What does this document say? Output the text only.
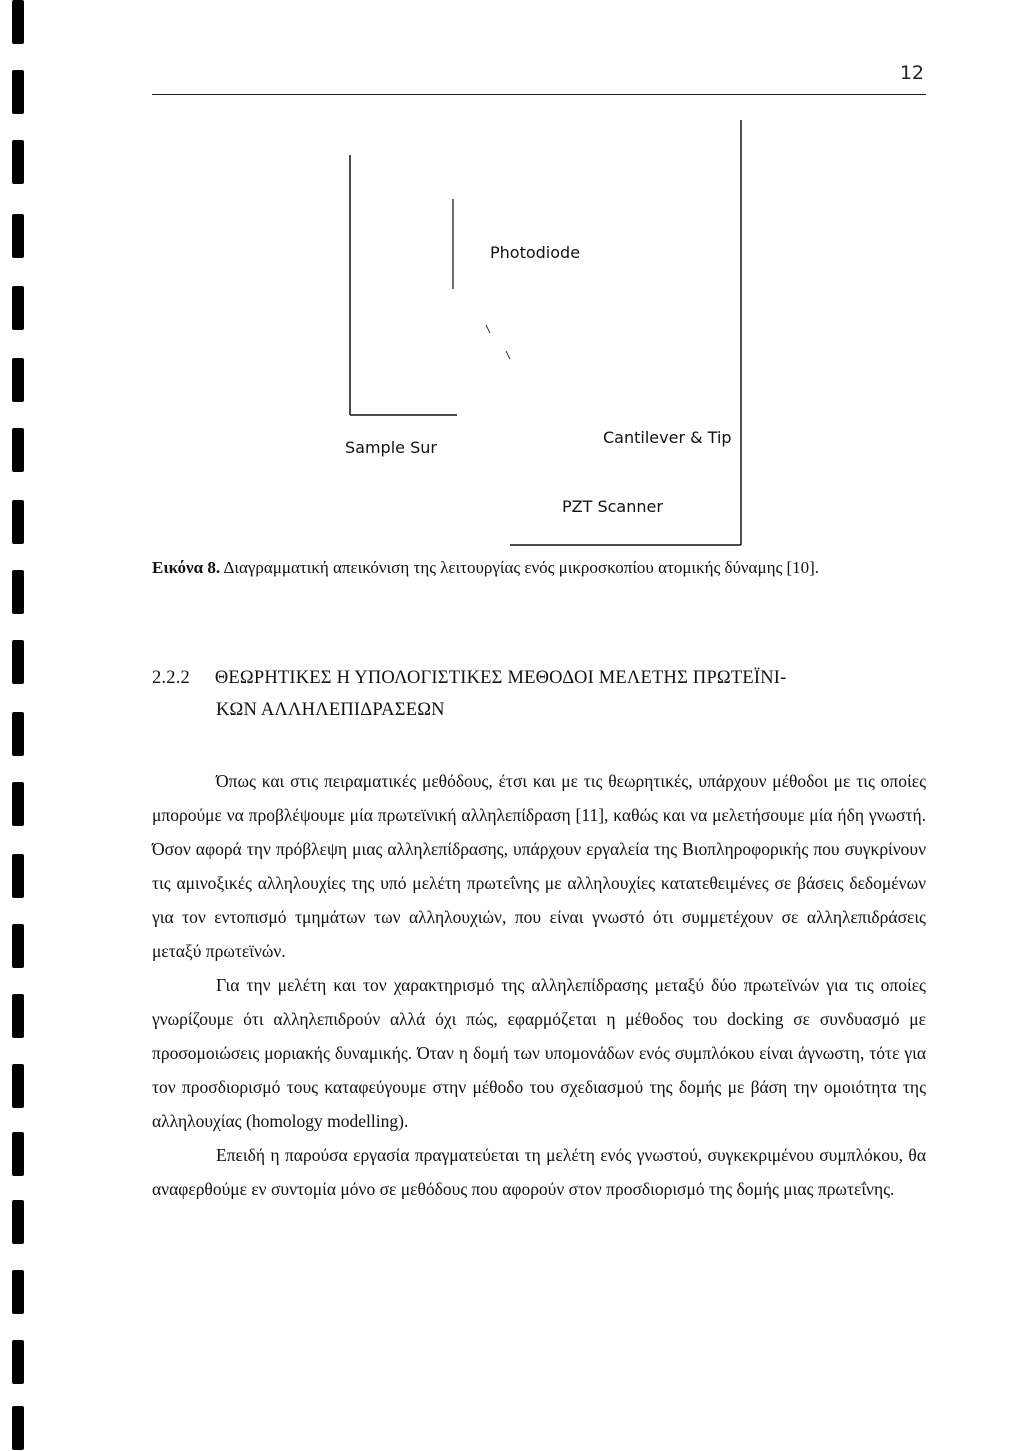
12
Photodiode
Sample Sur
Cantilever & Tip
PZT Scanner
Εικόνα 8. Διαγραμματική απεικόνιση της λειτουργίας ενός μικροσκοπίου ατομικής δύναμης [10].
2.2.2 ΘΕΩΡΗΤΙΚΕΣ Η ΥΠΟΛΟΓΙΣΤΙΚΕΣ ΜΕΘΟΔΟΙ ΜΕΛΕΤΗΣ ΠΡΩΤΕΪΝΙ-
ΚΩΝ ΑΛΛΗΛΕΠΙΔΡΑΣΕΩΝ

Όπως και στις πειραματικές μεθόδους, έτσι και με τις θεωρητικές, υπάρχουν μέθοδοι με τις οποίες μπορούμε να προβλέψουμε μία πρωτεϊνική αλληλεπίδραση [11], καθώς και να μελετήσουμε μία ήδη γνωστή. Όσον αφορά την πρόβλεψη μιας αλληλεπίδρασης, υπάρχουν εργαλεία της Βιοπληροφορικής που συγκρίνουν τις αμινοξικές αλληλουχίες της υπό μελέτη πρωτεΐνης με αλληλουχίες κατατεθειμένες σε βάσεις δεδομένων για τον εντοπισμό τμημάτων των αλληλουχιών, που είναι γνωστό ότι συμμετέχουν σε αλληλεπιδράσεις μεταξύ πρωτεϊνών.

Για την μελέτη και τον χαρακτηρισμό της αλληλεπίδρασης μεταξύ δύο πρωτεϊνών για τις οποίες γνωρίζουμε ότι αλληλεπιδρούν αλλά όχι πώς, εφαρμόζεται η μέθοδος του docking σε συνδυασμό με προσομοιώσεις μοριακής δυναμικής. Όταν η δομή των υπομονάδων ενός συμπλόκου είναι άγνωστη, τότε για τον προσδιορισμό τους καταφεύγουμε στην μέθοδο του σχεδιασμού της δομής με βάση την ομοιότητα της αλληλουχίας (homology modelling).

Επειδή η παρούσα εργασία πραγματεύεται τη μελέτη ενός γνωστού, συγκεκριμένου συμπλόκου, θα αναφερθούμε εν συντομία μόνο σε μεθόδους που αφορούν στον προσδιορισμό της δομής μιας πρωτεΐνης.
